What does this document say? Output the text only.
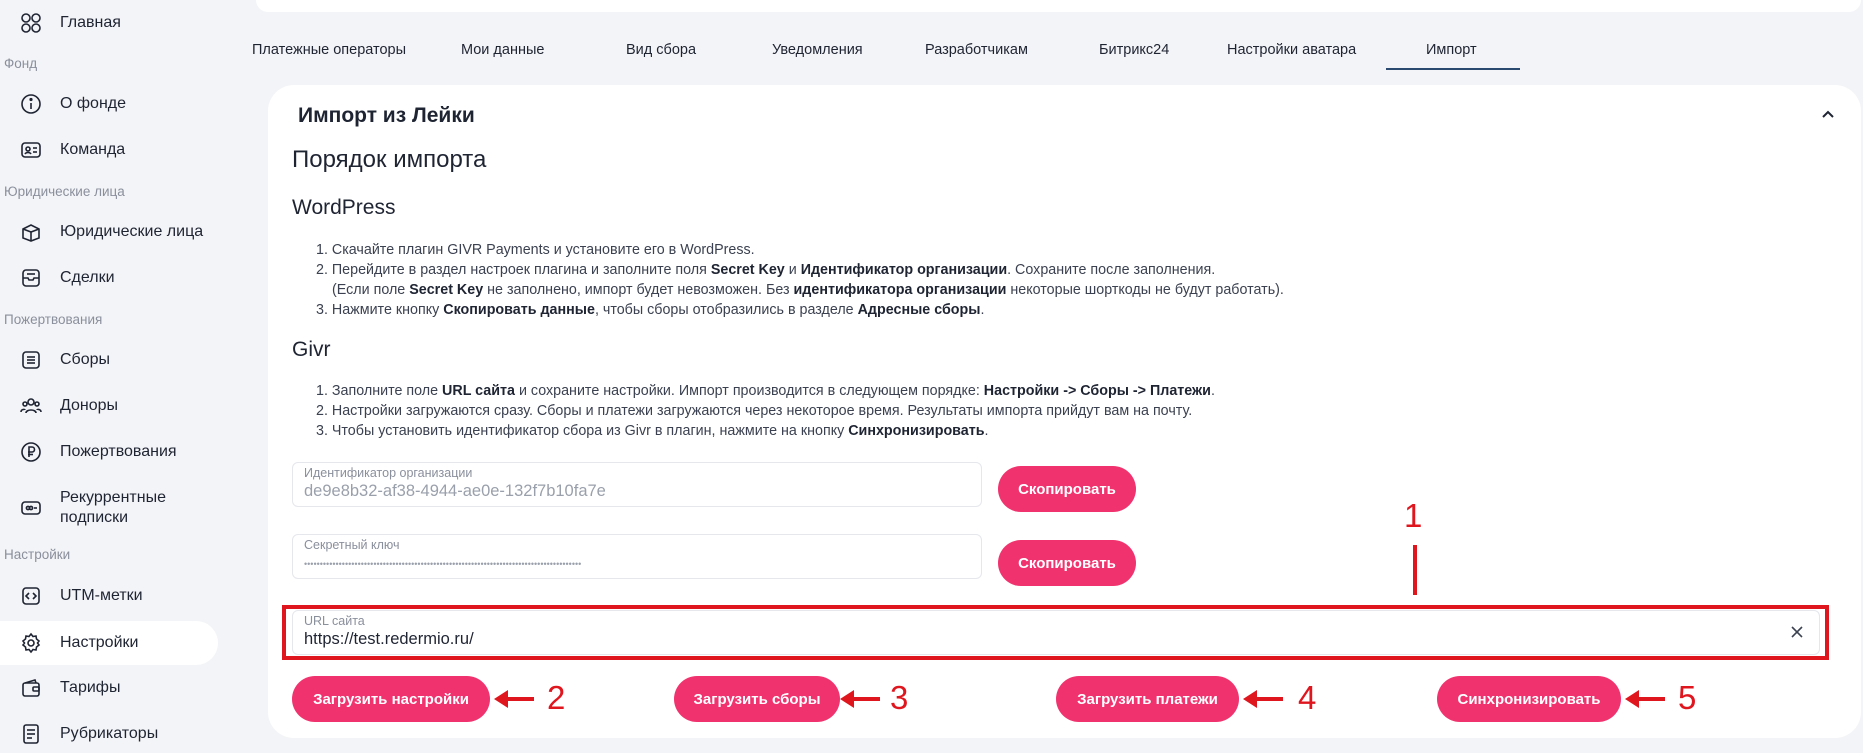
Главная
Фонд
О фонде
Команда
Юридические лица
Юридические лица
Сделки
Пожертвования
Сборы
Доноры
Пожертвования
Рекуррентные
подписки
Настройки
UTM-метки
Настройки
Тарифы
Рубрикаторы
Платежные операторы	Мои данные	Вид сбора	Уведомления	Разработчикам	Битрикс24	Настройки аватара	Импорт
Импорт из Лейки
Порядок импорта
WordPress
1. Скачайте плагин GIVR Payments и установите его в WordPress.
2. Перейдите в раздел настроек плагина и заполните поля Secret Key и Идентификатор организации. Сохраните после заполнения.
(Если поле Secret Key не заполнено, импорт будет невозможен. Без идентификатора организации некоторые шорткоды не будут работать).
3. Нажмите кнопку Скопировать данные, чтобы сборы отобразились в разделе Адресные сборы.
Givr
1. Заполните поле URL сайта и сохраните настройки. Импорт производится в следующем порядке: Настройки -> Сборы -> Платежи.
2. Настройки загружаются сразу. Сборы и платежи загружаются через некоторое время. Результаты импорта прийдут вам на почту.
3. Чтобы установить идентификатор сбора из Givr в плагин, нажмите на кнопку Синхронизировать.
Идентификатор организации
de9e8b32-af38-4944-ae0e-132f7b10fa7e	Скопировать
Секретный ключ
••••••••••••••••••••••••••••••••••••••••••••••••••••••••••••••••••••••••••••••••••••••••	Скопировать
URL сайта
https://test.redermio.ru/
Загрузить настройки	Загрузить сборы	Загрузить платежи	Синхронизировать
1
2	3	4	5
